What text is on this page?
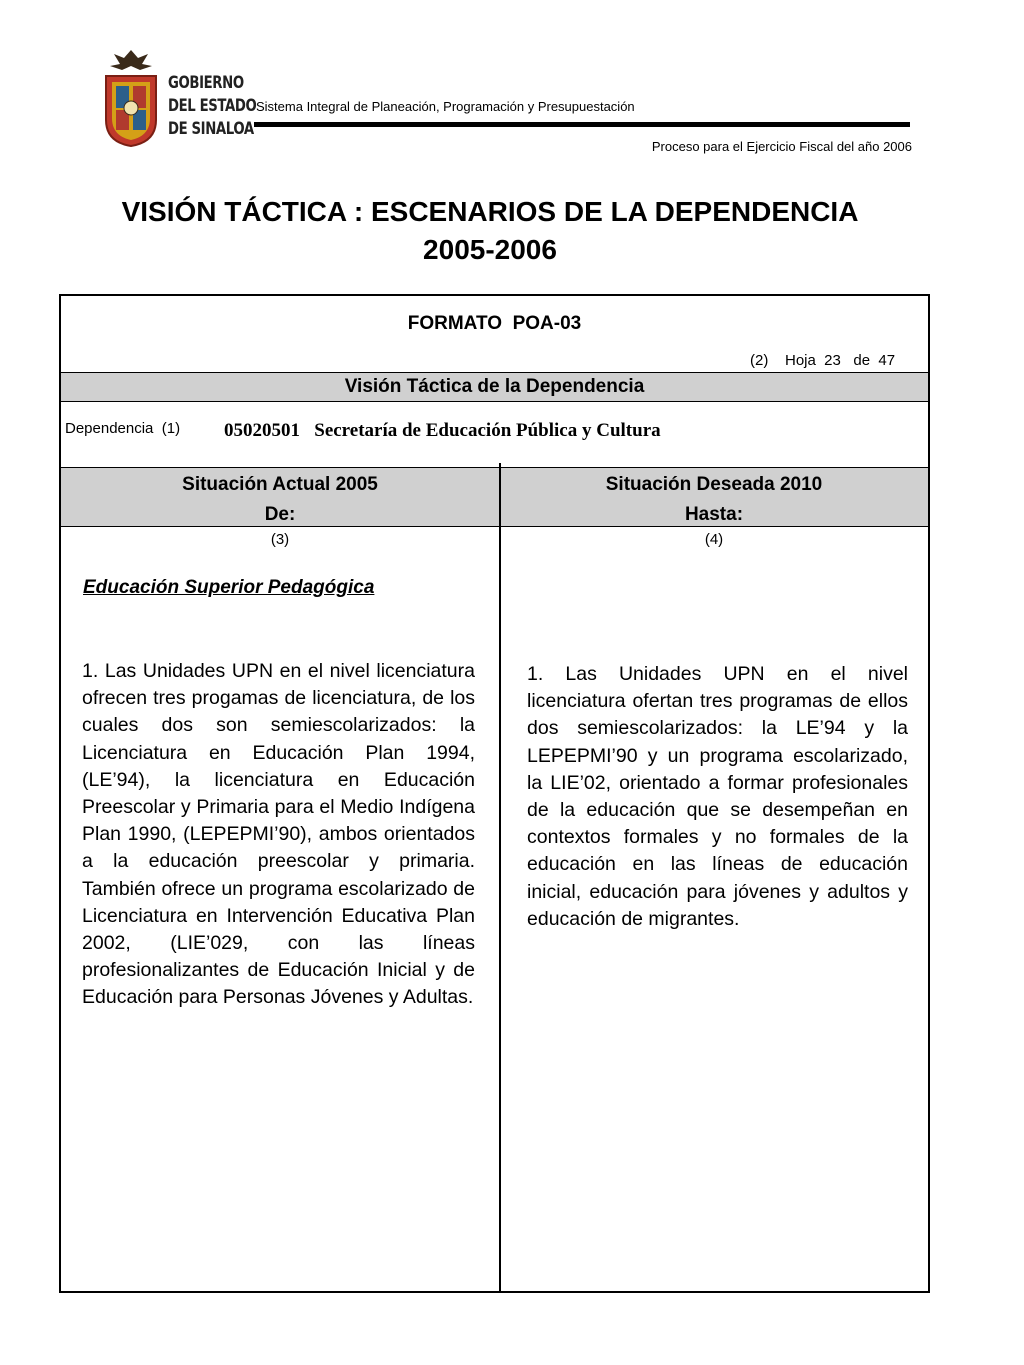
GOBIERNO
DEL ESTADO
DE SINALOA
Sistema Integral de Planeación, Programación y Presupuestación
Proceso para el Ejercicio Fiscal del año 2006
VISIÓN TÁCTICA : ESCENARIOS DE LA DEPENDENCIA
2005-2006
FORMATO  POA-03
(2)    Hoja  23   de  47
Visión Táctica de la Dependencia
Dependencia  (1) 05020501   Secretaría de Educación Pública y Cultura
Situación Actual 2005
De:
Situación Deseada 2010
Hasta:
(3)	(4)
Educación Superior Pedagógica
1. Las Unidades UPN en el nivel licenciatura ofrecen tres progamas de licenciatura, de los cuales dos son semiescolarizados: la Licenciatura en Educación Plan 1994, (LE’94), la licenciatura en Educación Preescolar y Primaria para el Medio Indígena Plan 1990, (LEPEPMI’90), ambos orientados a la educación preescolar y primaria. También ofrece un programa escolarizado de Licenciatura en Intervención Educativa Plan 2002, (LIE’029, con las líneas profesionalizantes de Educación Inicial y de Educación para Personas Jóvenes y Adultas.
1. Las Unidades UPN en el nivel licenciatura ofertan tres programas de ellos dos semiescolarizados: la LE’94 y la LEPEPMI’90 y un programa escolarizado, la LIE’02, orientado a formar profesionales de la educación que se desempeñan en contextos formales y no formales de la educación en las líneas de educación inicial, educación para jóvenes y adultos y educación de migrantes.
